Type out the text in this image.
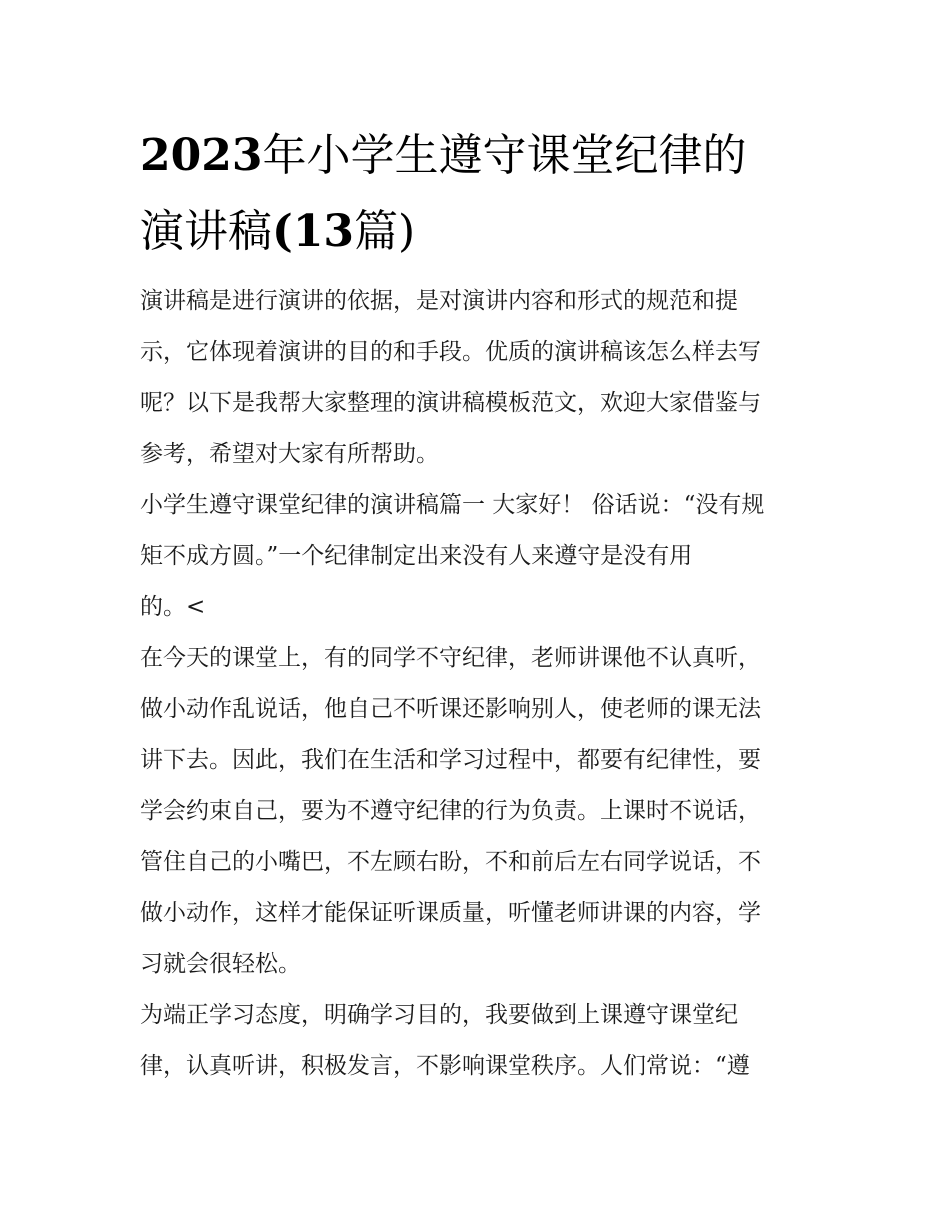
2023年小学生遵守课堂纪律的
演讲稿(13篇)
演讲稿是进行演讲的依据，是对演讲内容和形式的规范和提
示，它体现着演讲的目的和手段。优质的演讲稿该怎么样去写
呢？以下是我帮大家整理的演讲稿模板范文，欢迎大家借鉴与
参考，希望对大家有所帮助。
小学生遵守课堂纪律的演讲稿篇一 大家好！ 俗话说：“没有规
矩不成方圆。”一个纪律制定出来没有人来遵守是没有用
的。<
在今天的课堂上，有的同学不守纪律，老师讲课他不认真听，
做小动作乱说话，他自己不听课还影响别人，使老师的课无法
讲下去。因此，我们在生活和学习过程中，都要有纪律性，要
学会约束自己，要为不遵守纪律的行为负责。上课时不说话，
管住自己的小嘴巴，不左顾右盼，不和前后左右同学说话，不
做小动作，这样才能保证听课质量，听懂老师讲课的内容，学
习就会很轻松。
为端正学习态度，明确学习目的，我要做到上课遵守课堂纪
律，认真听讲，积极发言，不影响课堂秩序。人们常说：“遵
